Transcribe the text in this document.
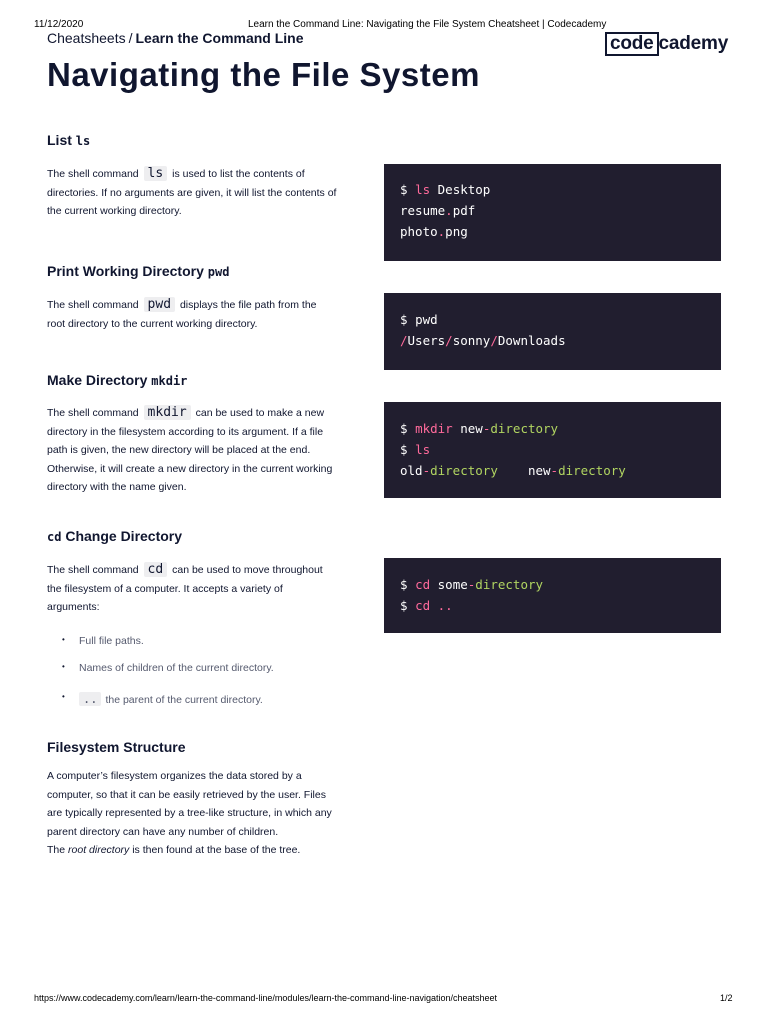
11/12/2020	Learn the Command Line: Navigating the File System Cheatsheet | Codecademy
Cheatsheets / Learn the Command Line	code cademy
Navigating the File System
List ls
The shell command ls is used to list the contents of directories. If no arguments are given, it will list the contents of the current working directory.
$ ls Desktop
resume.pdf
photo.png
Print Working Directory pwd
The shell command pwd displays the file path from the root directory to the current working directory.	$ pwd
/Users/sonny/Downloads
Make Directory mkdir
The shell command mkdir can be used to make a new directory in the filesystem according to its argument. If a file path is given, the new directory will be placed at the end. Otherwise, it will create a new directory in the current working directory with the name given.
$ mkdir new-directory
$ ls
old-directory new-directory
cd Change Directory
The shell command cd can be used to move throughout the filesystem of a computer. It accepts a variety of arguments:
$ cd some-directory
$ cd ..
• Full file paths.
• Names of children of the current directory.
•	.. the parent of the current directory.
Filesystem Structure
A computer’s filesystem organizes the data stored by a computer, so that it can be easily retrieved by the user. Files are typically represented by a tree-like structure, in which any parent directory can have any number of children.
The root directory is then found at the base of the tree.
https://www.codecademy.com/learn/learn-the-command-line/modules/learn-the-command-line-navigation/cheatsheet	1/2
